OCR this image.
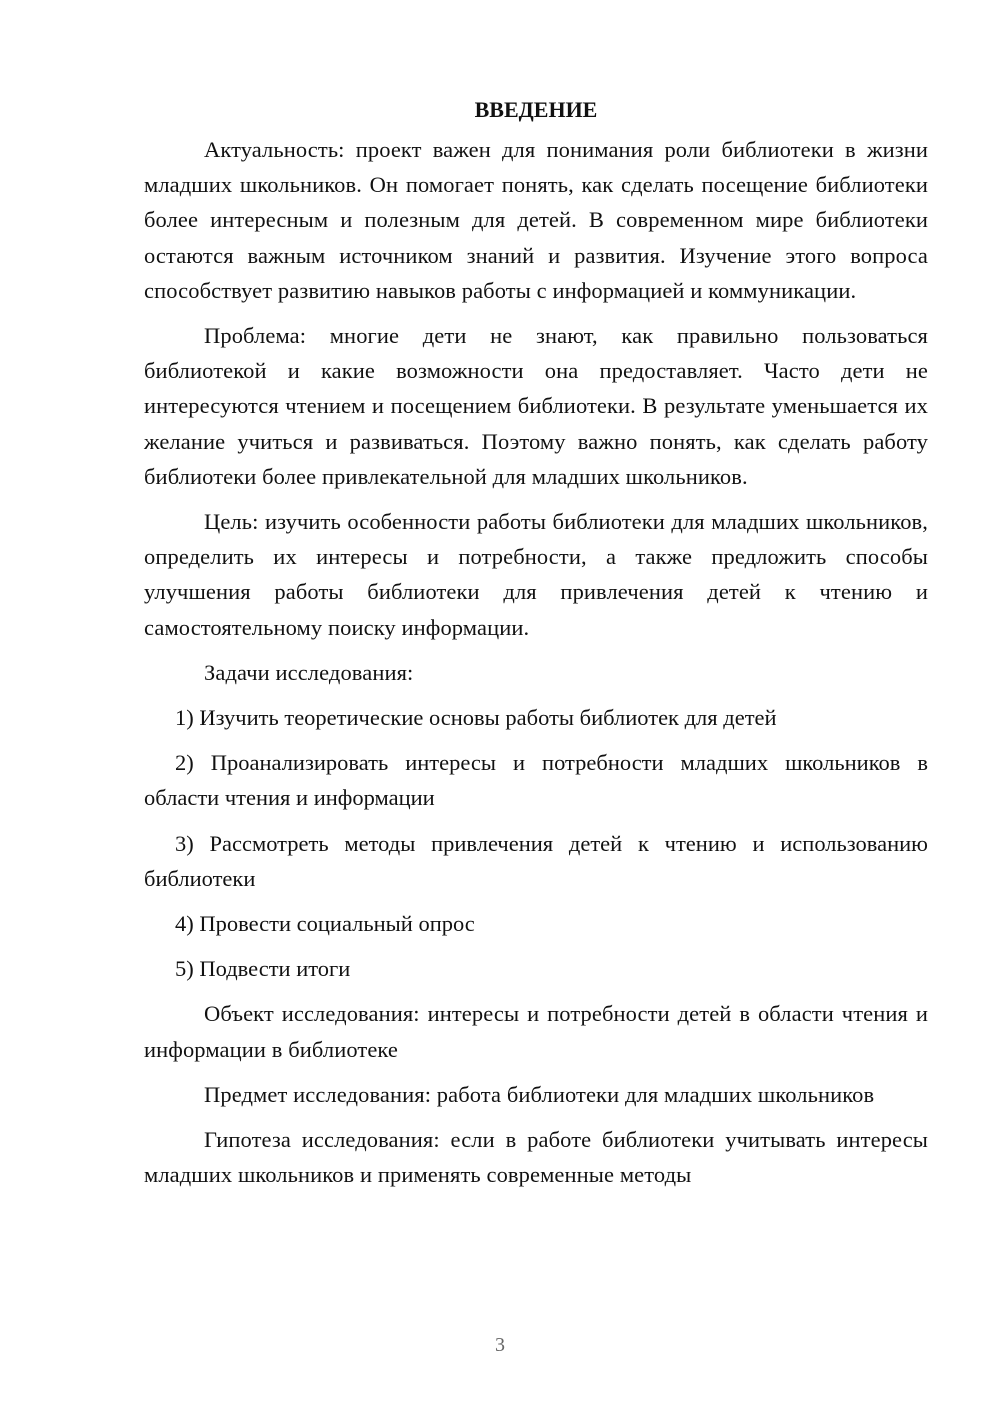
ВВЕДЕНИЕ

Актуальность: проект важен для понимания роли библиотеки в жизни младших школьников. Он помогает понять, как сделать посещение библиотеки более интересным и полезным для детей. В современном мире библиотеки остаются важным источником знаний и развития. Изучение этого вопроса способствует развитию навыков работы с информацией и коммуникации.

Проблема: многие дети не знают, как правильно пользоваться библиотекой и какие возможности она предоставляет. Часто дети не интересуются чтением и посещением библиотеки. В результате уменьшается их желание учиться и развиваться. Поэтому важно понять, как сделать работу библиотеки более привлекательной для младших школьников.

Цель: изучить особенности работы библиотеки для младших школьников, определить их интересы и потребности, а также предложить способы улучшения работы библиотеки для привлечения детей к чтению и самостоятельному поиску информации.

Задачи исследования:

1) Изучить теоретические основы работы библиотек для детей

2) Проанализировать интересы и потребности младших школьников в области чтения и информации

3) Рассмотреть методы привлечения детей к чтению и использованию библиотеки

4) Провести социальный опрос

5) Подвести итоги

Объект исследования: интересы и потребности детей в области чтения и информации в библиотеке

Предмет исследования: работа библиотеки для младших школьников

Гипотеза исследования: если в работе библиотеки учитывать интересы младших школьников и применять современные методы

3
